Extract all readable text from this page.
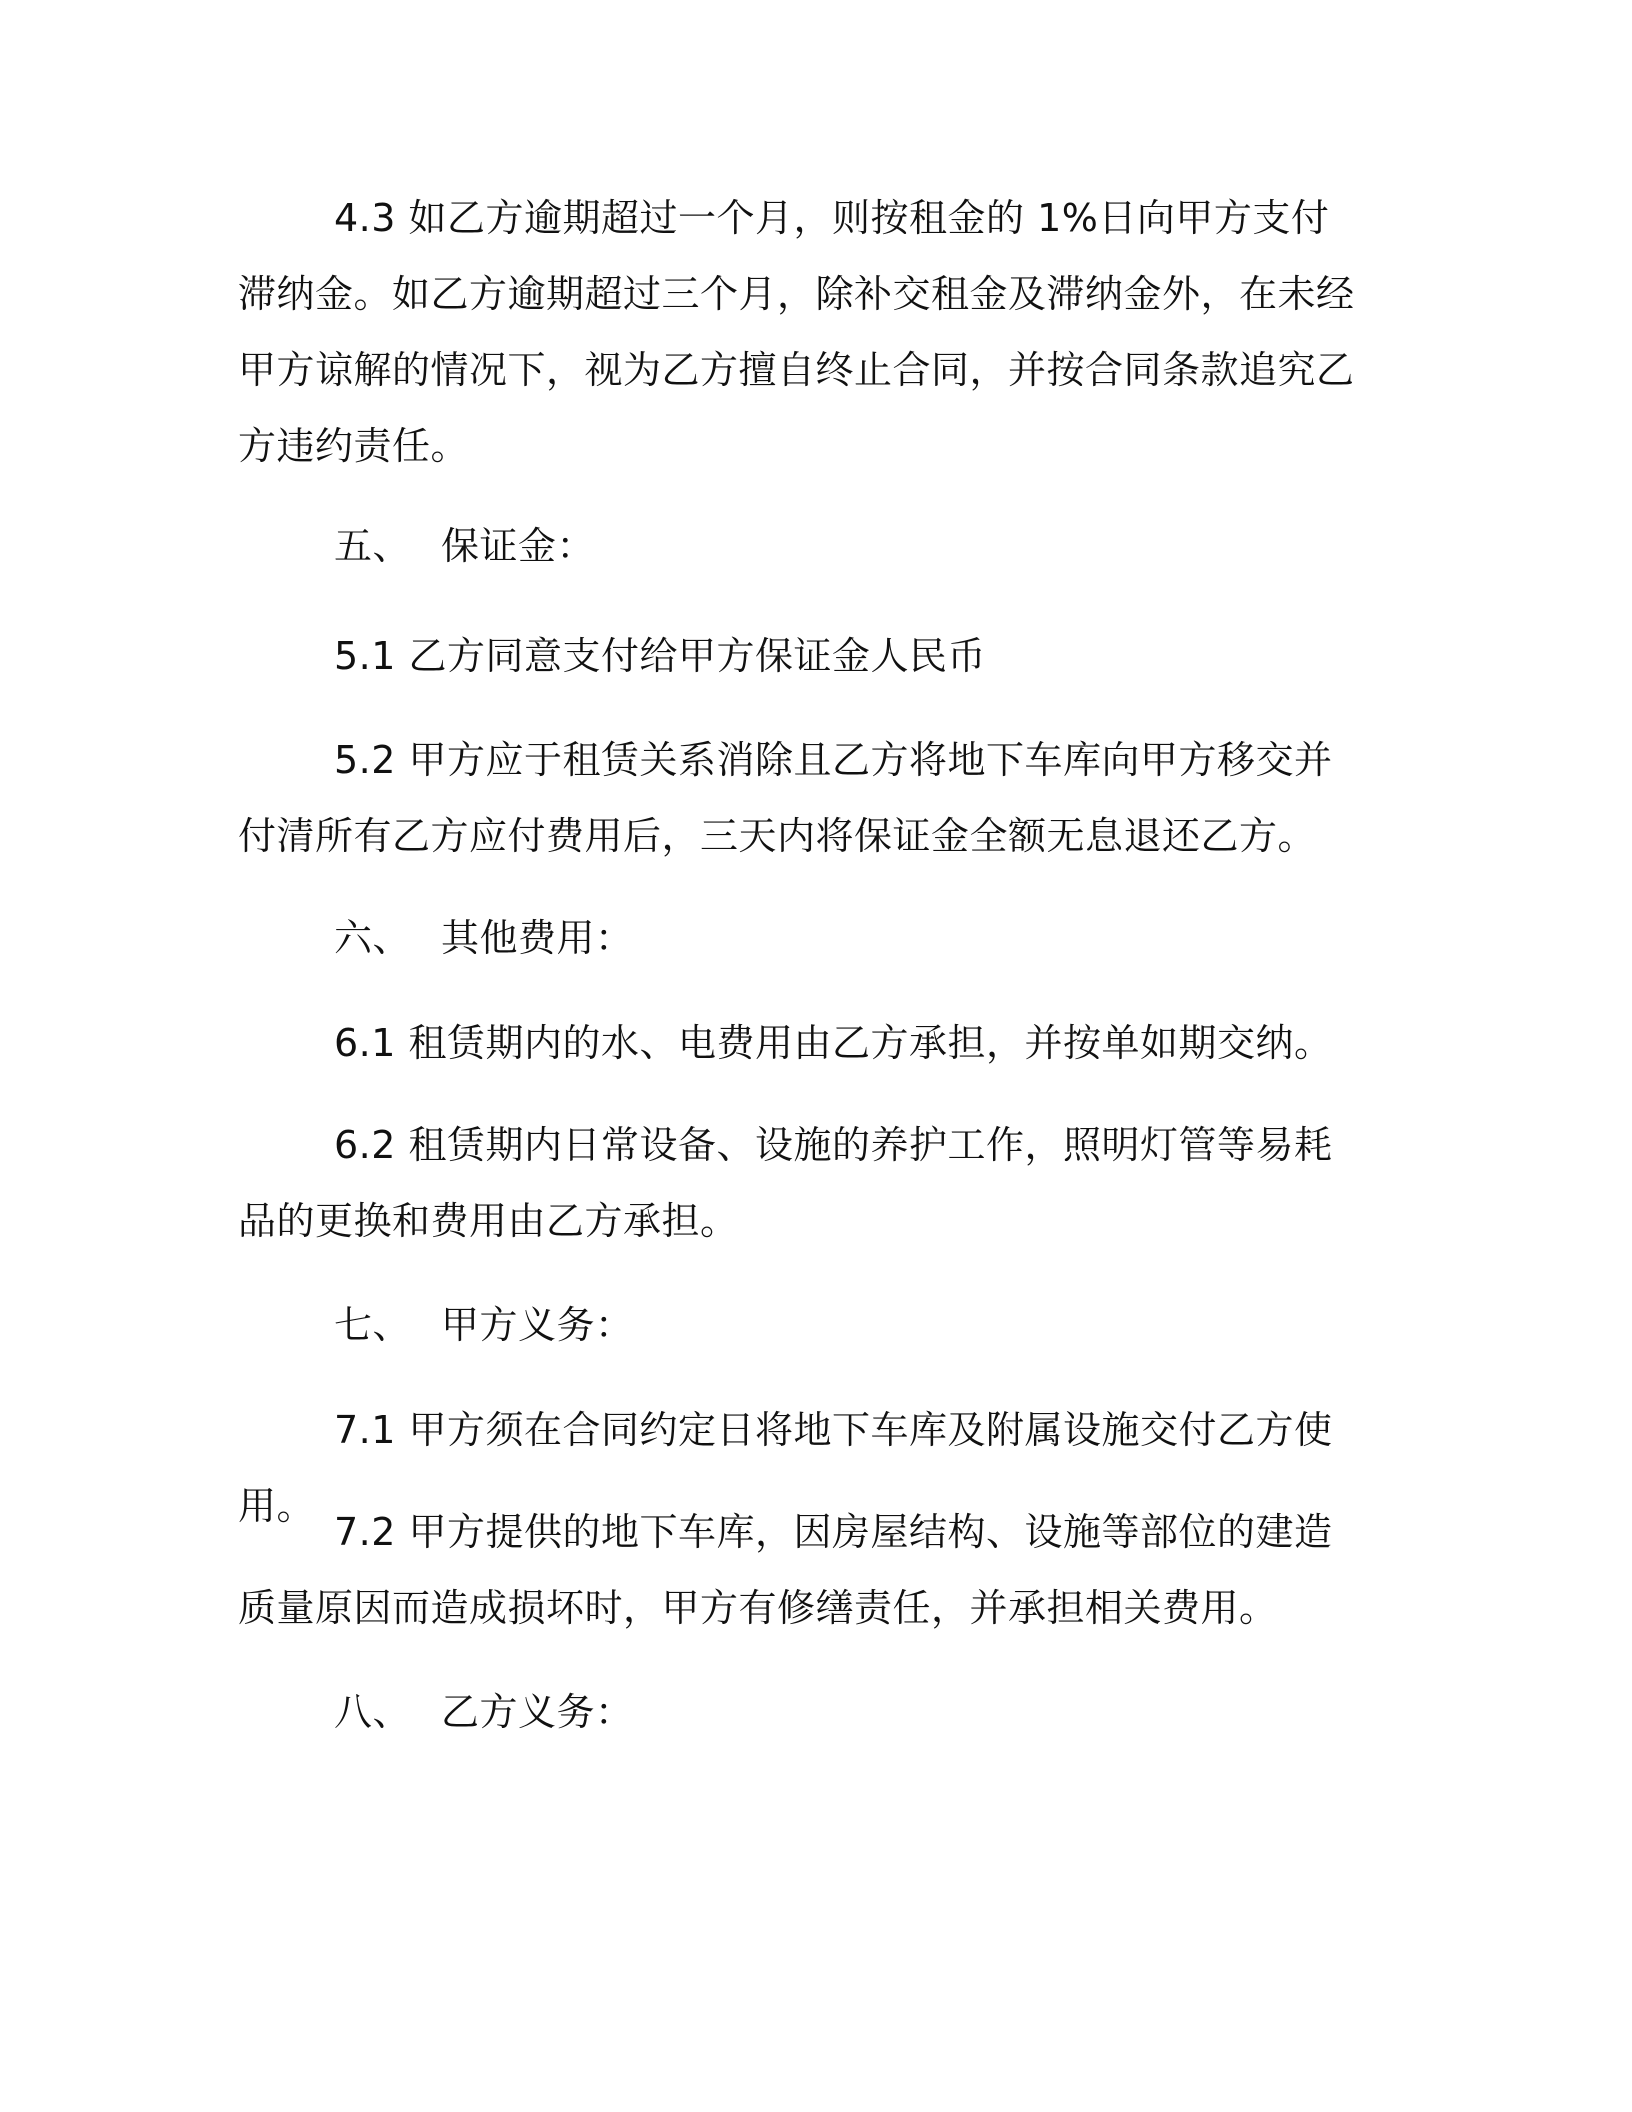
4.3 如乙方逾期超过一个月，则按租金的 1%日向甲方支付滞纳金。如乙方逾期超过三个月，除补交租金及滞纳金外，在未经甲方谅解的情况下，视为乙方擅自终止合同，并按合同条款追究乙方违约责任。

五、 保证金：

5.1 乙方同意支付给甲方保证金人民币

5.2 甲方应于租赁关系消除且乙方将地下车库向甲方移交并付清所有乙方应付费用后，三天内将保证金全额无息退还乙方。

六、 其他费用：

6.1 租赁期内的水、电费用由乙方承担，并按单如期交纳。

6.2 租赁期内日常设备、设施的养护工作，照明灯管等易耗品的更换和费用由乙方承担。

七、 甲方义务：

7.1 甲方须在合同约定日将地下车库及附属设施交付乙方使用。

7.2 甲方提供的地下车库，因房屋结构、设施等部位的建造质量原因而造成损坏时，甲方有修缮责任，并承担相关费用。

八、 乙方义务：
